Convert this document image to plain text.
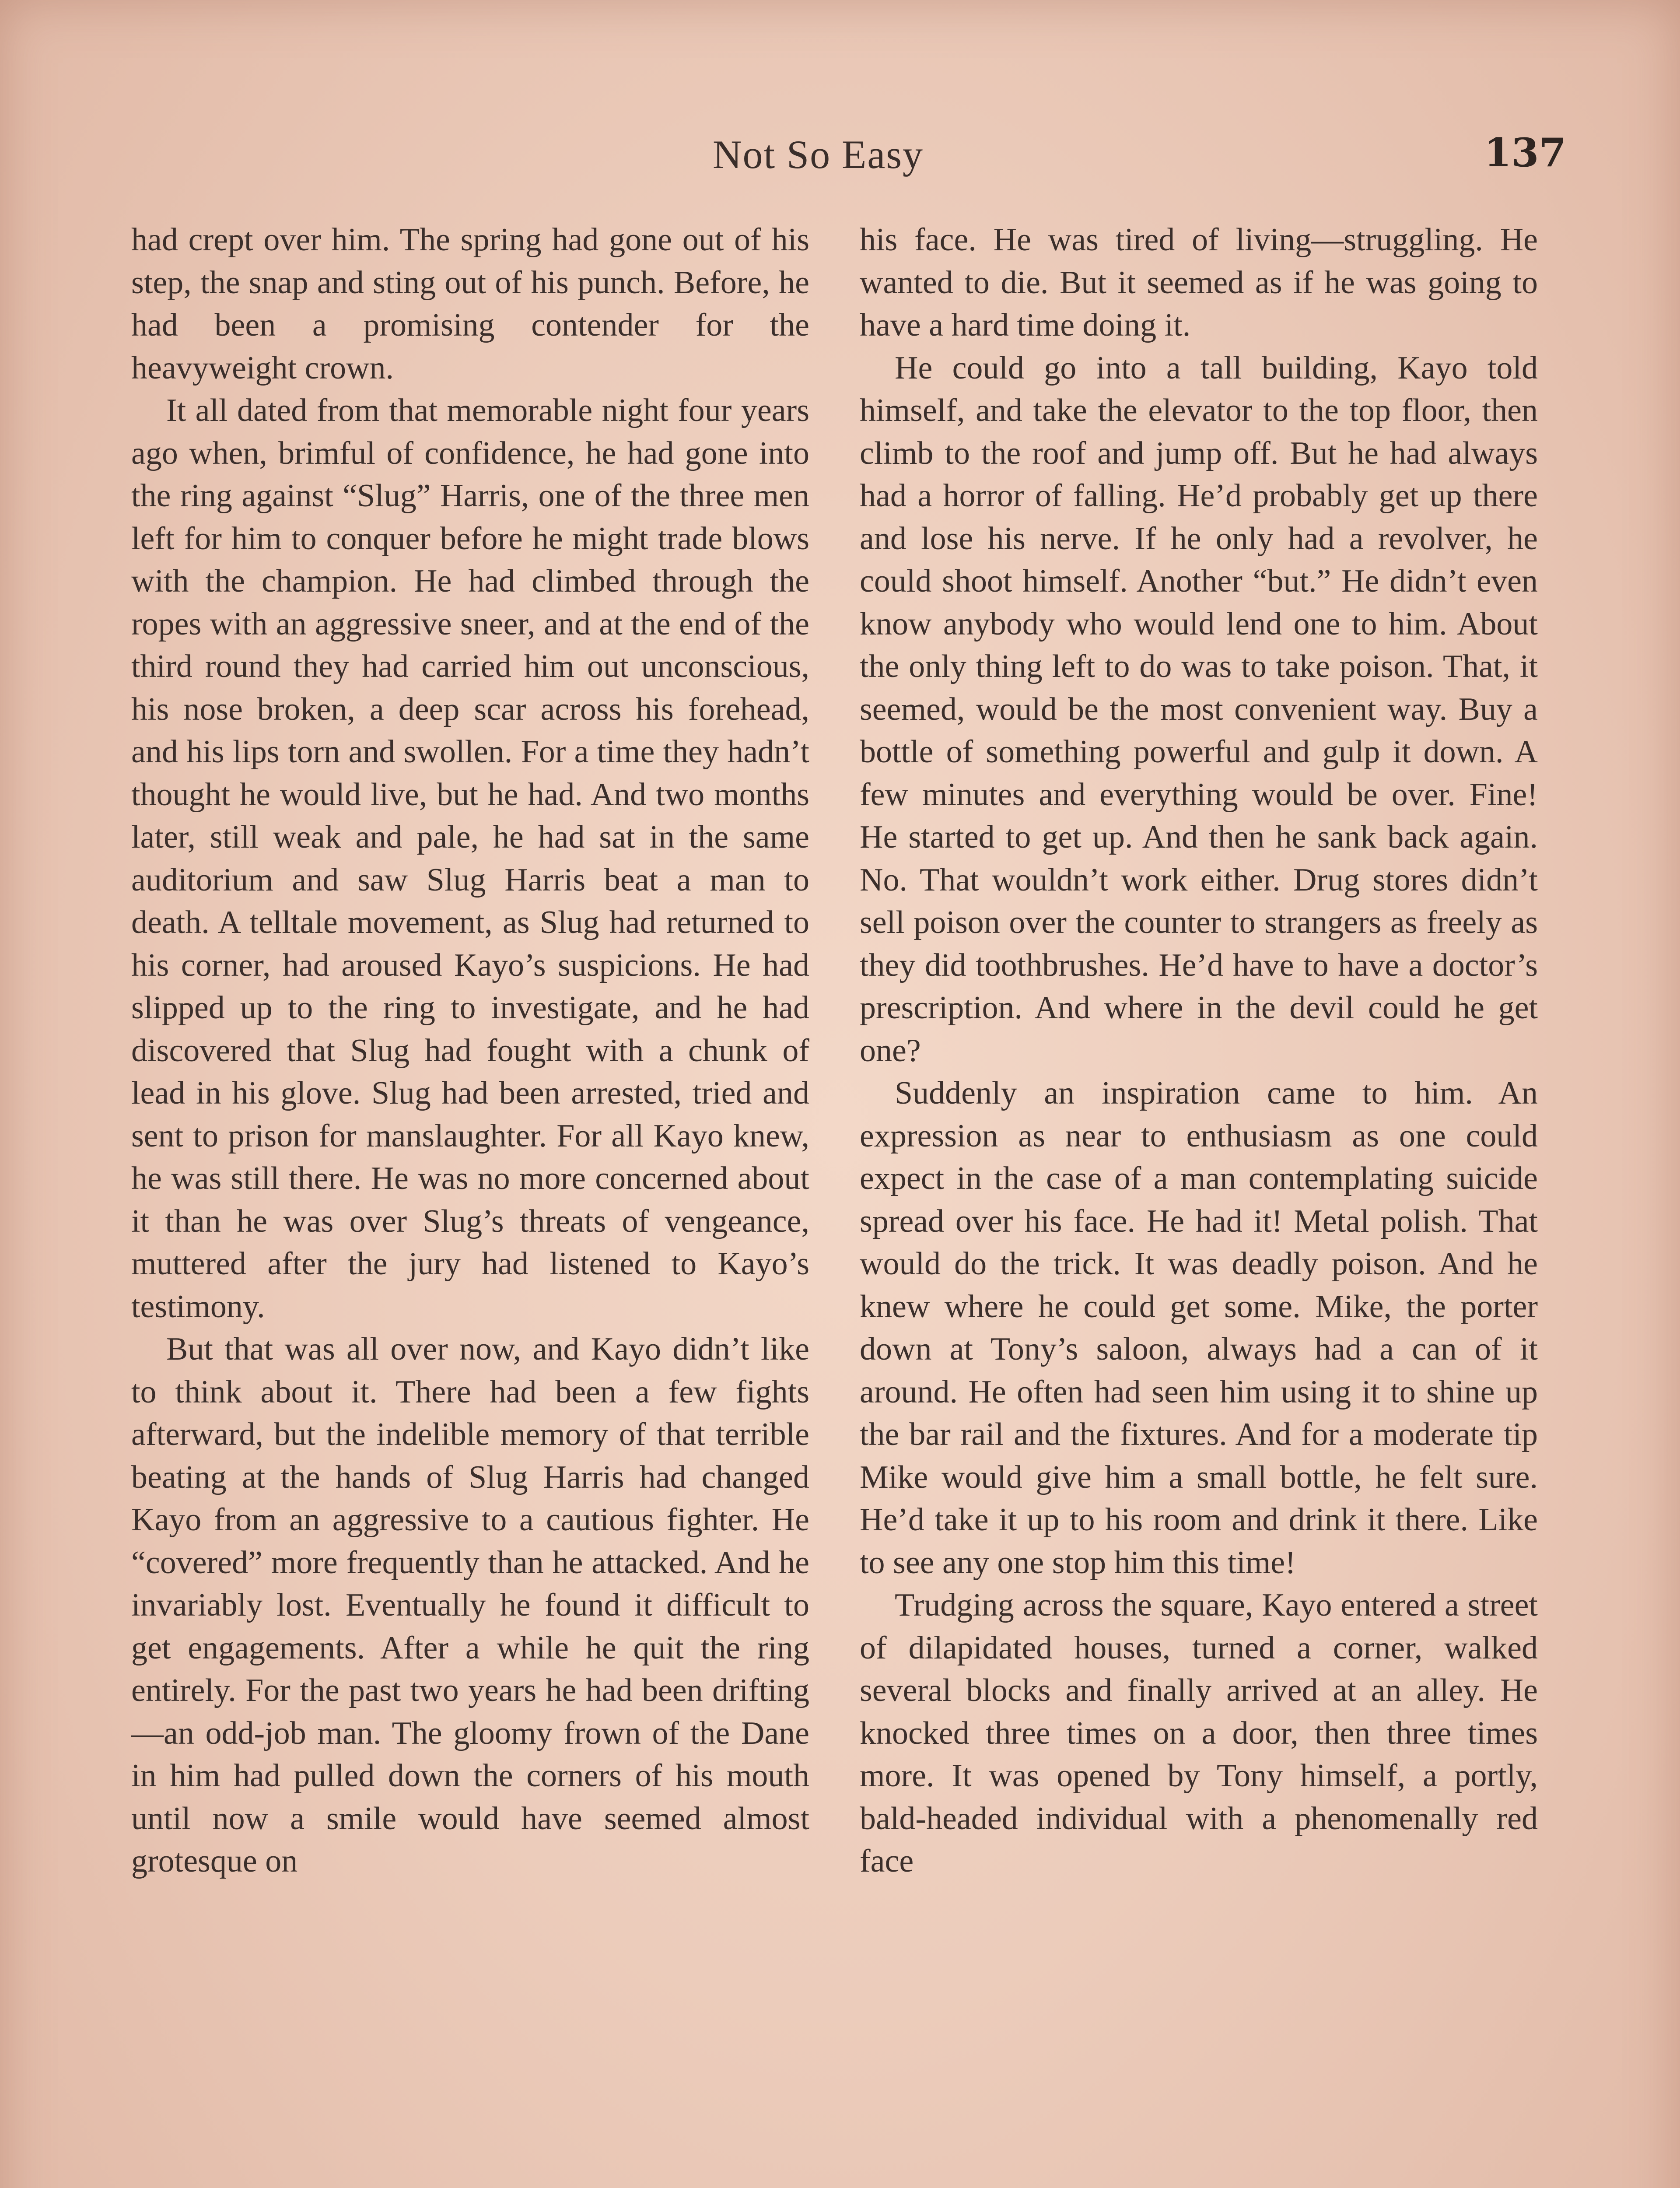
Not So Easy	137

had crept over him. The spring had gone out of his step, the snap and sting out of his punch. Before, he had been a promising contender for the heavyweight crown.

It all dated from that memorable night four years ago when, brimful of confidence, he had gone into the ring against “Slug” Harris, one of the three men left for him to conquer before he might trade blows with the champion. He had climbed through the ropes with an aggressive sneer, and at the end of the third round they had carried him out unconscious, his nose broken, a deep scar across his forehead, and his lips torn and swollen. For a time they hadn’t thought he would live, but he had. And two months later, still weak and pale, he had sat in the same auditorium and saw Slug Harris beat a man to death. A telltale movement, as Slug had returned to his corner, had aroused Kayo’s suspicions. He had slipped up to the ring to investigate, and he had discovered that Slug had fought with a chunk of lead in his glove. Slug had been arrested, tried and sent to prison for manslaughter. For all Kayo knew, he was still there. He was no more concerned about it than he was over Slug’s threats of vengeance, muttered after the jury had listened to Kayo’s testimony.

But that was all over now, and Kayo didn’t like to think about it. There had been a few fights afterward, but the indelible memory of that terrible beating at the hands of Slug Harris had changed Kayo from an aggressive to a cautious fighter. He “covered” more frequently than he attacked. And he invariably lost. Eventually he found it difficult to get engagements. After a while he quit the ring entirely. For the past two years he had been drifting—an odd-job man. The gloomy frown of the Dane in him had pulled down the corners of his mouth until now a smile would have seemed almost grotesque on

his face. He was tired of living—struggling. He wanted to die. But it seemed as if he was going to have a hard time doing it.

He could go into a tall building, Kayo told himself, and take the elevator to the top floor, then climb to the roof and jump off. But he had always had a horror of falling. He’d probably get up there and lose his nerve. If he only had a revolver, he could shoot himself. Another “but.” He didn’t even know anybody who would lend one to him. About the only thing left to do was to take poison. That, it seemed, would be the most convenient way. Buy a bottle of something powerful and gulp it down. A few minutes and everything would be over. Fine! He started to get up. And then he sank back again. No. That wouldn’t work either. Drug stores didn’t sell poison over the counter to strangers as freely as they did toothbrushes. He’d have to have a doctor’s prescription. And where in the devil could he get one?

Suddenly an inspiration came to him. An expression as near to enthusiasm as one could expect in the case of a man contemplating suicide spread over his face. He had it! Metal polish. That would do the trick. It was deadly poison. And he knew where he could get some. Mike, the porter down at Tony’s saloon, always had a can of it around. He often had seen him using it to shine up the bar rail and the fixtures. And for a moderate tip Mike would give him a small bottle, he felt sure. He’d take it up to his room and drink it there. Like to see any one stop him this time!

Trudging across the square, Kayo entered a street of dilapidated houses, turned a corner, walked several blocks and finally arrived at an alley. He knocked three times on a door, then three times more. It was opened by Tony himself, a portly, bald-headed individual with a phenomenally red face
